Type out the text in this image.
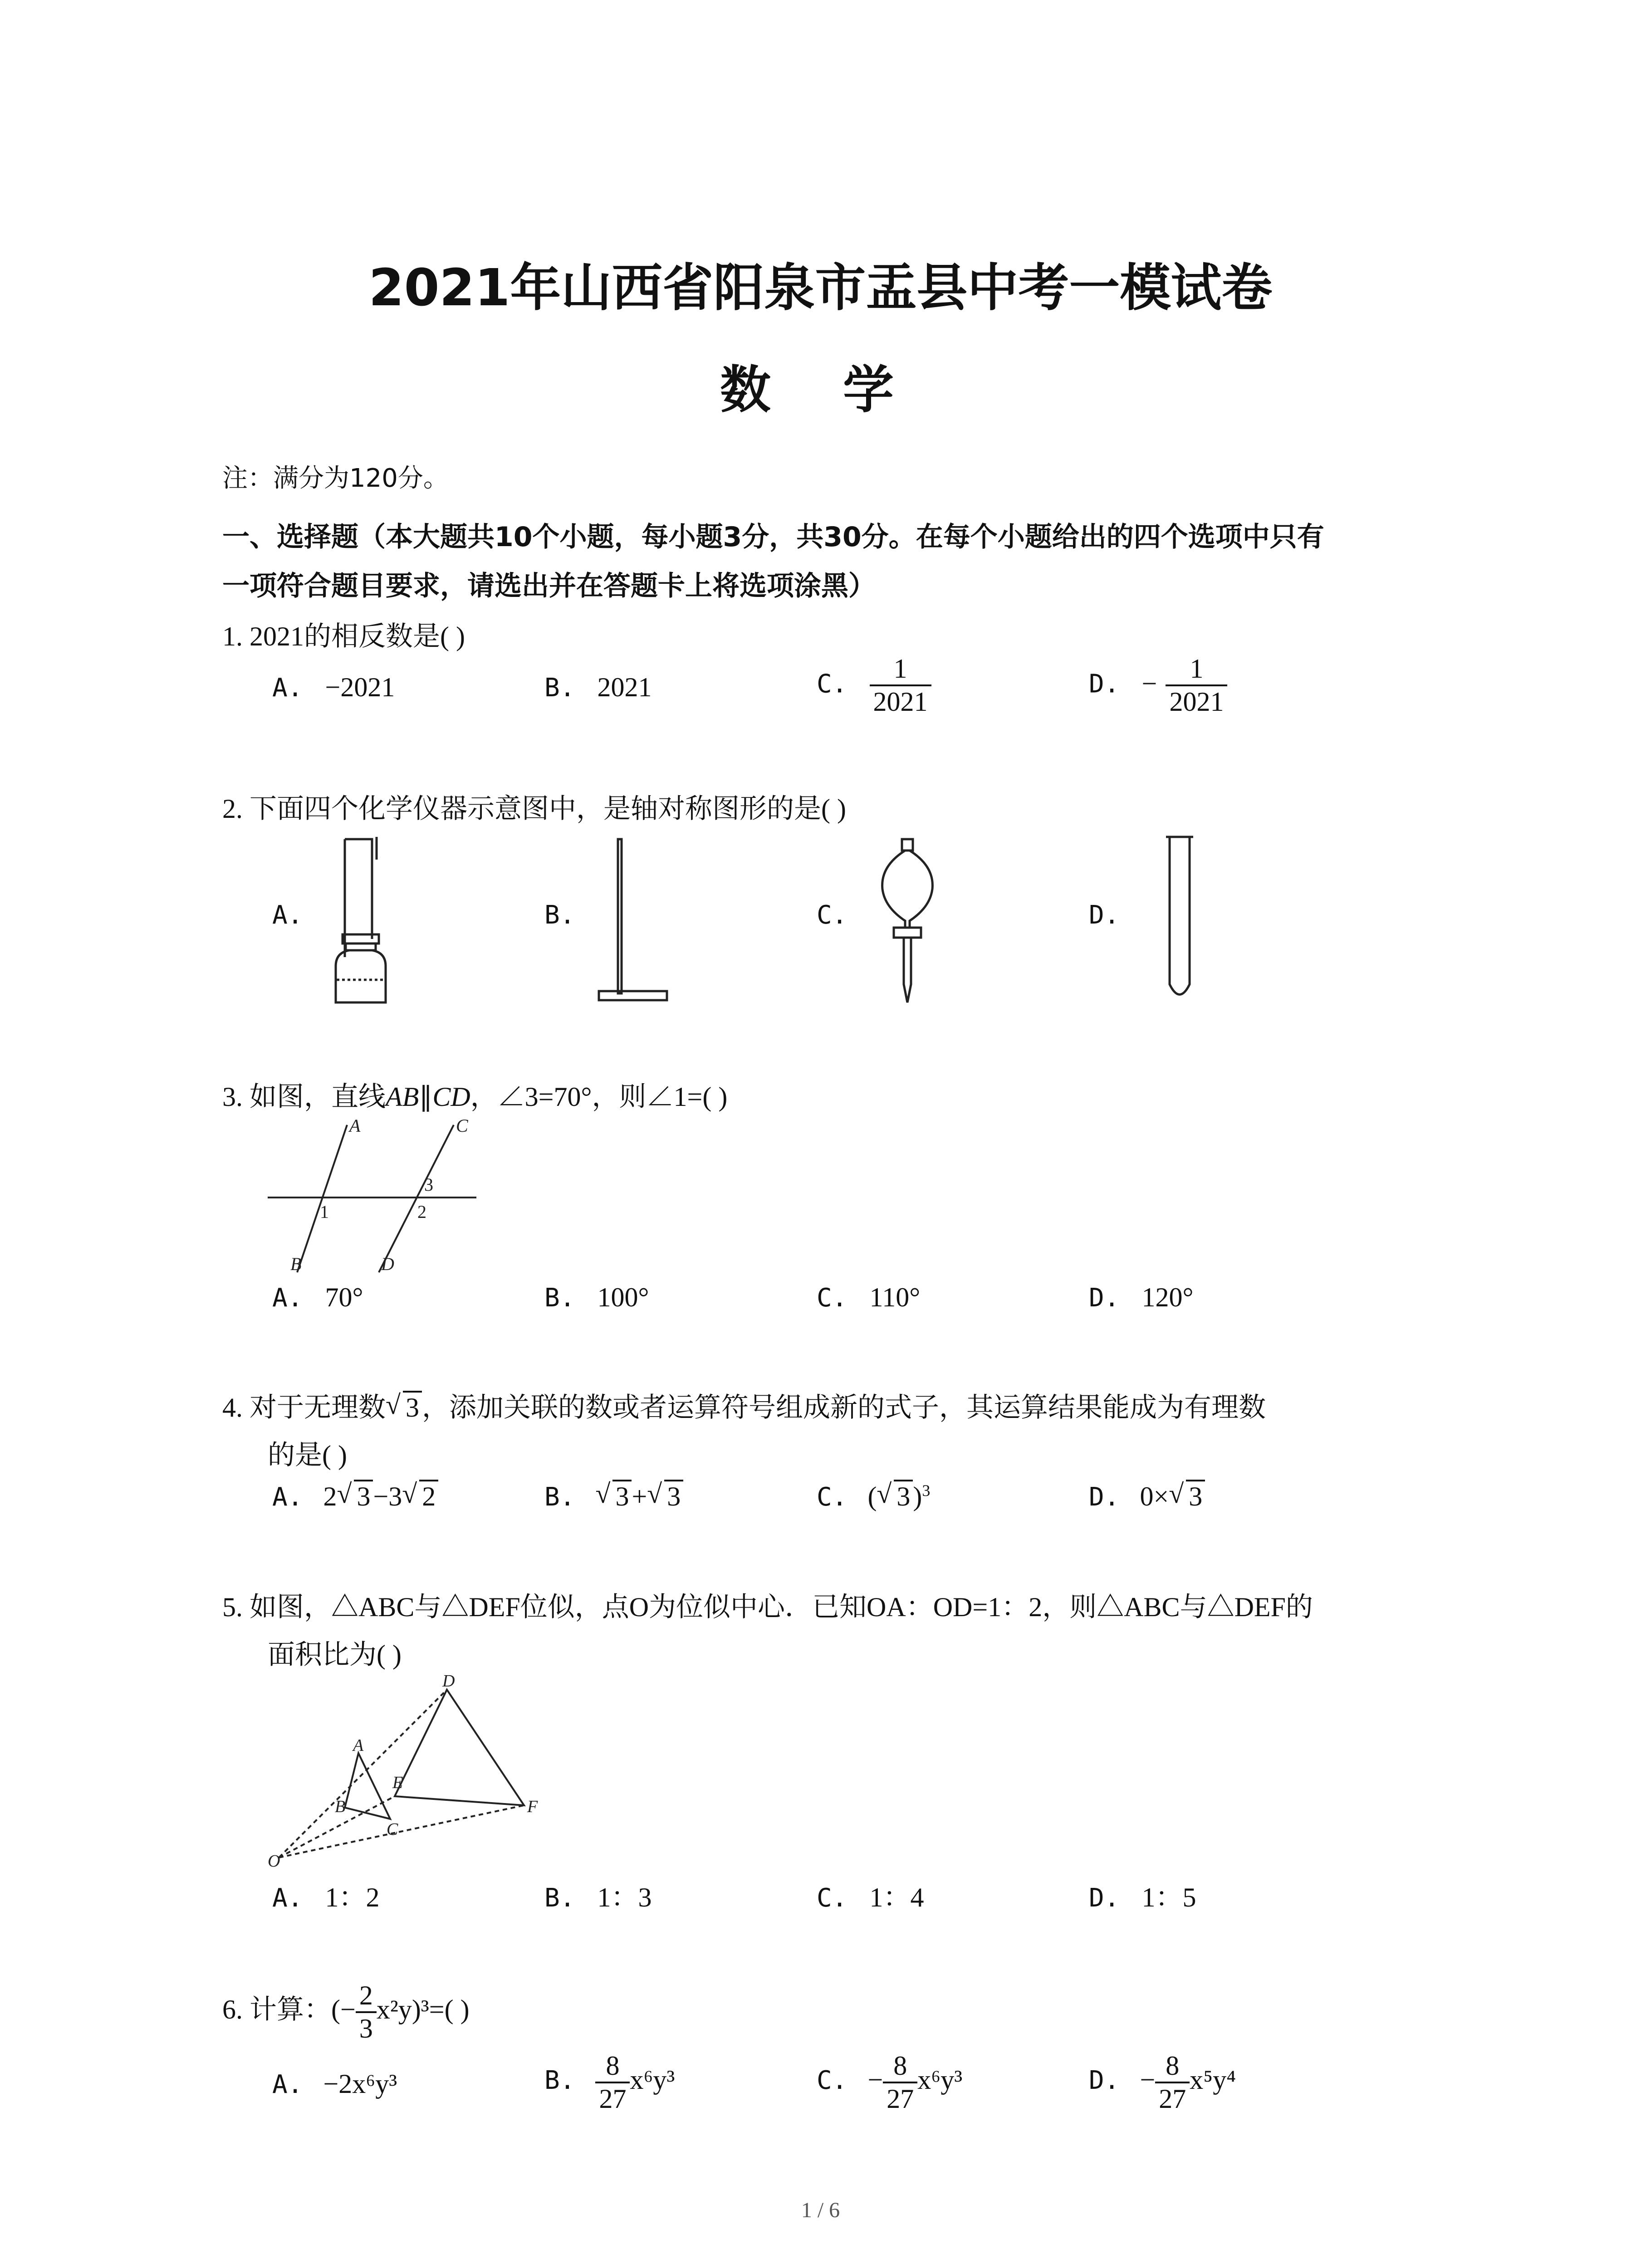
2021年山西省阳泉市盂县中考一模试卷
数 学
注：满分为120分。
一、选择题（本大题共10个小题，每小题3分，共30分。在每个小题给出的四个选项中只有
一项符合题目要求，请选出并在答题卡上将选项涂黑）
1. 2021的相反数是( )
A. −2021	B. 2021	C. $\frac{1}{2021}$	D. − $\frac{1}{2021}$
2. 下面四个化学仪器示意图中，是轴对称图形的是( )
A.	B.	C.	D.
3. 如图，直线AB∥CD，∠3=70°，则∠1=( )
A
B
C
D
1	2
3
A. 70°	B. 100°	C. 110°	D. 120°
4. 对于无理数 √ 3 ，添加关联的数或者运算符号组成新的式子，其运算结果能成为有理数
的是( )
A. 2 √ 3 −3 √ 2	B. √ 3 + √ 3	C. ( √ 3 )$^3$	D. 0× √ 3
5. 如图，△ABC与△DEF位似，点O为位似中心．已知OA：OD=1：2，则△ABC与△DEF的
面积比为( )
A
B
C
D
E
F
O
A. 1：2	B. 1：3	C. 1：4	D. 1：5
6. 计算：(− $\frac{2}{3} x^2y)^3=$( )
A. −2x⁶y³	B. $\frac{8}{27} x^6y^3$	C. − $\frac{8}{27} x^6y^3$	D. − $\frac{8}{27} x^5y^4$
1 / 6
